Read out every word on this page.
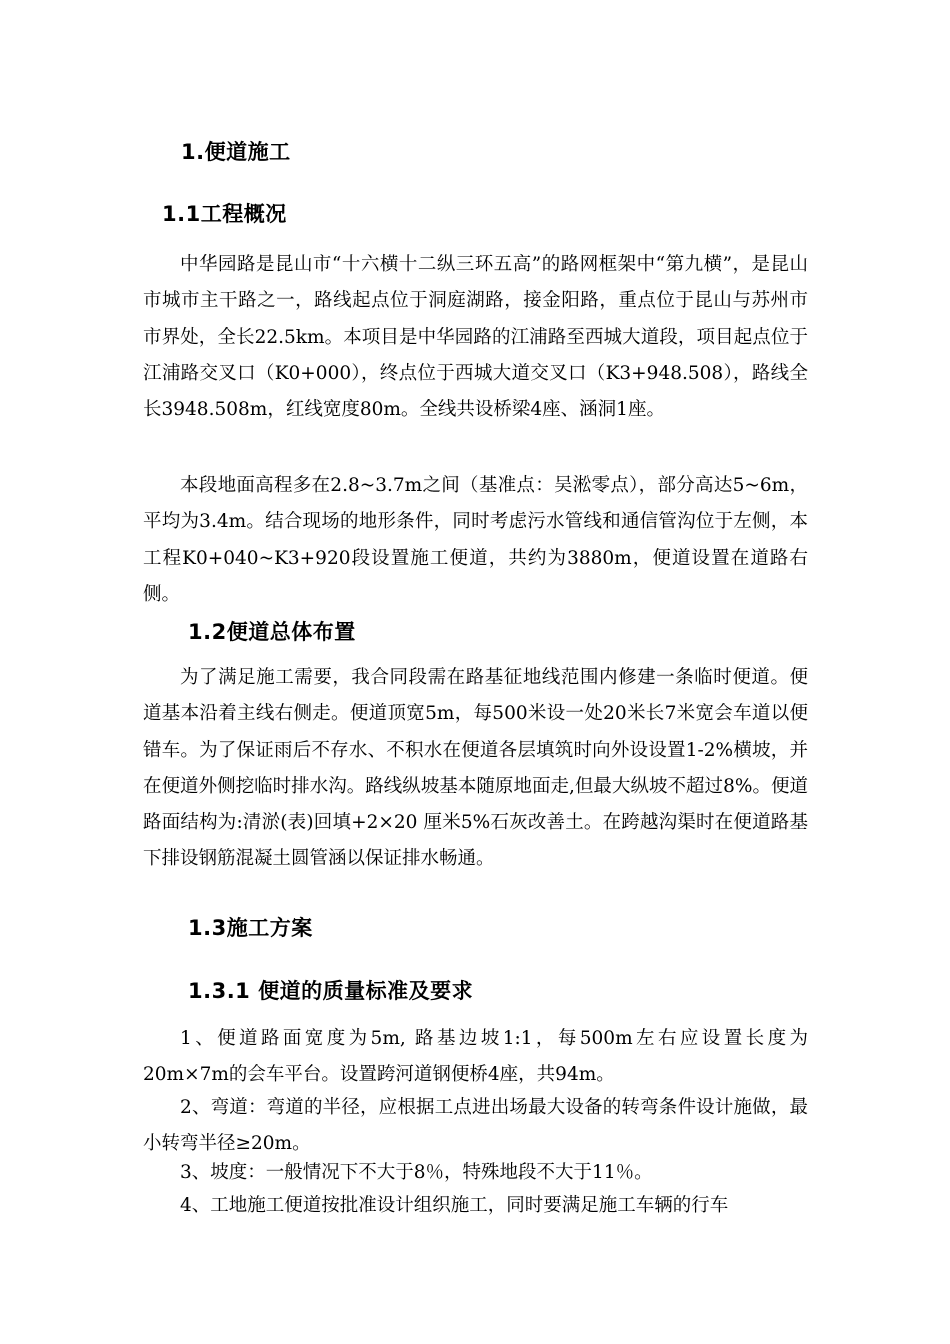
1.便道施工
1.1工程概况

中华园路是昆山市“十六横十二纵三环五高”的路网框架中“第九横”，是昆山市城市主干路之一，路线起点位于洞庭湖路，接金阳路，重点位于昆山与苏州市市界处，全长22.5km。本项目是中华园路的江浦路至西城大道段，项目起点位于江浦路交叉口（K0+000），终点位于西城大道交叉口（K3+948.508），路线全长3948.508m，红线宽度80m。全线共设桥梁4座、涵洞1座。

本段地面高程多在2.8~3.7m之间（基准点：吴淞零点），部分高达5~6m，平均为3.4m。结合现场的地形条件，同时考虑污水管线和通信管沟位于左侧，本工程K0+040~K3+920段设置施工便道，共约为3880m，便道设置在道路右侧。

1.2便道总体布置

为了满足施工需要，我合同段需在路基征地线范围内修建一条临时便道。便道基本沿着主线右侧走。便道顶宽5m，每500米设一处20米长7米宽会车道以便错车。为了保证雨后不存水、不积水在便道各层填筑时向外设设置1-2%横坡，并在便道外侧挖临时排水沟。路线纵坡基本随原地面走,但最大纵坡不超过8%。便道路面结构为:清淤(表)回填+2×20 厘米5%石灰改善土。在跨越沟渠时在便道路基下排设钢筋混凝土圆管涵以保证排水畅通。

1.3施工方案
1.3.1 便道的质量标准及要求

1、便道路面宽度为5m, 路基边坡1:1，每500m左右应设置长度为20m×7m的会车平台。设置跨河道钢便桥4座，共94m。

2、弯道：弯道的半径，应根据工点进出场最大设备的转弯条件设计施做，最小转弯半径≥20m。

3、坡度：一般情况下不大于8％，特殊地段不大于11％。

4、工地施工便道按批准设计组织施工，同时要满足施工车辆的行车
